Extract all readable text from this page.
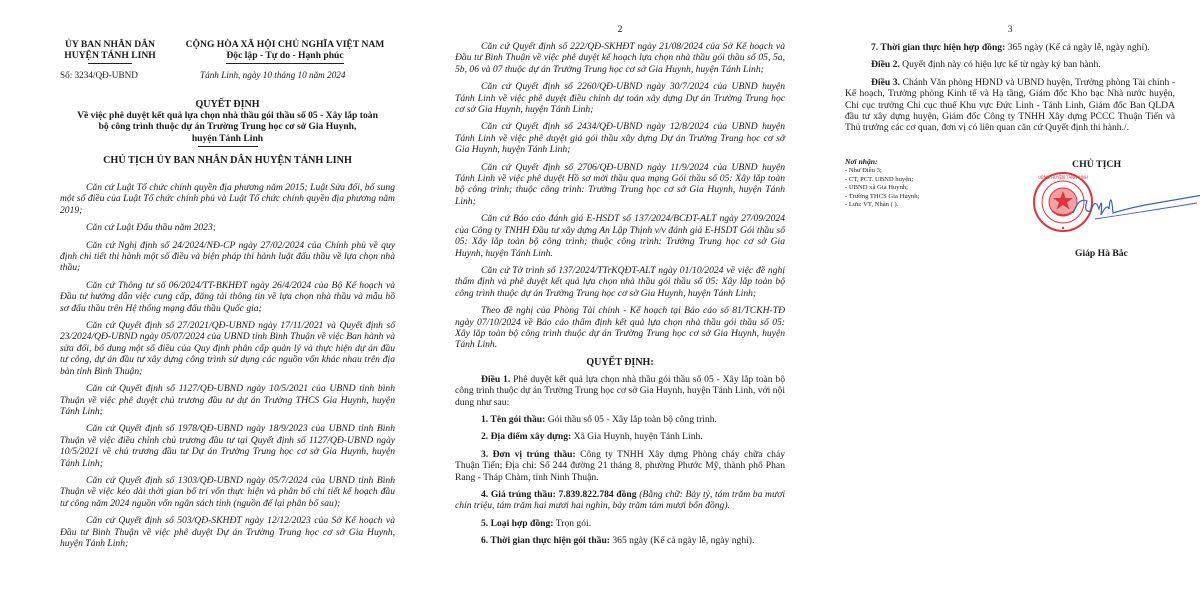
ỦY BAN NHÂN DÂN
HUYỆN TÁNH LINH
CỘNG HÒA XÃ HỘI CHỦ NGHĨA VIỆT NAM
Độc lập - Tự do - Hạnh phúc
Số: 3234/QĐ-UBND	Tánh Linh, ngày 10 tháng 10 năm 2024
QUYẾT ĐỊNH
Về việc phê duyệt kết quả lựa chọn nhà thầu gói thầu số 05 - Xây lắp toàn
bộ công trình thuộc dự án Trường Trung học cơ sở Gia Huynh,
huyện Tánh Linh
CHỦ TỊCH ỦY BAN NHÂN DÂN HUYỆN TÁNH LINH

Căn cứ Luật Tổ chức chính quyền địa phương năm 2015; Luật Sửa đổi, bổ sung một số điều của Luật Tổ chức chính phủ và Luật Tổ chức chính quyền địa phương năm 2019;

Căn cứ Luật Đấu thầu năm 2023;

Căn cứ Nghị định số 24/2024/NĐ-CP ngày 27/02/2024 của Chính phủ về quy định chi tiết thi hành một số điều và biện pháp thi hành luật đấu thầu về lựa chọn nhà thầu;

Căn cứ Thông tư số 06/2024/TT-BKHĐT ngày 26/4/2024 của Bộ Kế hoạch và Đầu tư hướng dẫn việc cung cấp, đăng tải thông tin về lựa chọn nhà thầu và mẫu hồ sơ đấu thầu trên Hệ thống mạng đấu thầu Quốc gia;

Căn cứ Quyết định số 27/2021/QĐ-UBND ngày 17/11/2021 và Quyết định số 23/2024/QĐ-UBND ngày 05/07/2024 của UBND tỉnh Bình Thuận về việc Ban hành và sửa đổi, bổ dung một số điều của Quy định phân cấp quản lý và thực hiện dự án đầu tư công, dự án đầu tư xây dựng công trình sử dụng các nguồn vốn khác nhau trên địa bàn tỉnh Bình Thuận;

Căn cứ Quyết định số 1127/QĐ-UBND ngày 10/5/2021 của UBND tỉnh bình Thuận về việc phê duyệt chủ trương đầu tư dự án Trường THCS Gia Huynh, huyện Tánh Linh;

Căn cứ Quyết định số 1978/QĐ-UBND ngày 18/9/2023 của UBND tỉnh Bình Thuận về việc điều chỉnh chủ trương đầu tư tại Quyết định số 1127/QĐ-UBND ngày 10/5/2021 về chủ trương đầu tư Dự án Trường Trung học cơ sở Gia Huynh, huyện Tánh Linh;

Căn cứ Quyết định số 1303/QĐ-UBND ngày 05/7/2024 của UBND tỉnh Bình Thuận về việc kéo dài thời gian bố trí vốn thực hiện và phân bổ chi tiết kế hoạch đầu tư công năm 2024 nguồn vốn ngân sách tỉnh (nguồn để lại phân bổ sau);

Căn cứ Quyết định số 503/QĐ-SKHĐT ngày 12/12/2023 của Sở Kế hoạch và Đầu tư Bình Thuận về việc phê duyệt Dự án Trường Trung học cơ sở Gia Huynh, huyện Tánh Linh;

2

Căn cứ Quyết định số 222/QĐ-SKHĐT ngày 21/08/2024 của Sở Kế hoạch và Đầu tư Bình Thuận về việc phê duyệt kế hoạch lựa chọn nhà thầu gói thầu số 05, 5a, 5b, 06 và 07 thuộc dự án Trường Trung học cơ sở Gia Huynh, huyện Tánh Linh;

Căn cứ Quyết định số 2260/QĐ-UBND ngày 30/7/2024 của UBND huyện Tánh Linh về việc phê duyệt điều chỉnh dự toán xây dựng Dự án Trường Trung học cơ sở Gia Huynh, huyện Tánh Linh;

Căn cứ Quyết định số 2434/QĐ-UBND ngày 12/8/2024 của UBND huyện Tánh Linh về việc phê duyệt giá gói thầu xây dựng Dự án Trường Trung học cơ sở Gia Huynh, huyện Tánh Linh;

Căn cứ Quyết định số 2706/QĐ-UBND ngày 11/9/2024 của UBND huyện Tánh Linh về việc phê duyệt Hồ sơ mời thầu qua mạng Gói thầu số 05: Xây lắp toàn bộ công trình; thuộc công trình: Trường Trung học cơ sở Gia Huynh, huyện Tánh Linh;

Căn cứ Báo cáo đánh giá E-HSDT số 137/2024/BCĐT-ALT ngày 27/09/2024 của Công ty TNHH Đầu tư xây dựng An Lập Thịnh v/v đánh giá E-HSDT Gói thầu số 05: Xây lắp toàn bộ công trình; thuộc công trình: Trường Trung học cơ sở Gia Huynh, huyện Tánh Linh.

Căn cứ Tờ trình số 137/2024/TTrKQĐT-ALT ngày 01/10/2024 về việc đề nghị thẩm định và phê duyệt kết quả lựa chọn nhà thầu gói thầu số 05: Xây lắp toàn bộ công trình thuộc dự án Trường Trung học cơ sở Gia Huynh, huyện Tánh Linh;

Theo đề nghị của Phòng Tài chính - Kế hoạch tại Báo cáo số 81/TCKH-TĐ ngày 07/10/2024 về Báo cáo thẩm định kết quả lựa chọn nhà thầu gói thầu số 05: Xây lắp toàn bộ công trình thuộc dự án Trường Trung học cơ sở Gia Huynh, huyện Tánh Linh.

QUYẾT ĐỊNH:

Điều 1. Phê duyệt kết quả lựa chọn nhà thầu gói thầu số 05 - Xây lắp toàn bộ công trình thuộc dự án Trường Trung học cơ sở Gia Huynh, huyện Tánh Linh, với nội dung như sau:

1. Tên gói thầu: Gói thầu số 05 - Xây lắp toàn bộ công trình.

2. Địa điểm xây dựng: Xã Gia Huynh, huyện Tánh Linh.

3. Đơn vị trúng thầu: Công ty TNHH Xây dựng Phòng cháy chữa cháy Thuận Tiến; Địa chỉ: Số 244 đường 21 tháng 8, phường Phước Mỹ, thành phố Phan Rang - Tháp Chàm, tỉnh Ninh Thuận.

4. Giá trúng thầu: 7.839.822.784 đồng (Bằng chữ: Bảy tỷ, tám trăm ba mươi chín triệu, tám trăm hai mươi hai nghìn, bảy trăm tám mươi bốn đồng).

5. Loại hợp đồng: Trọn gói.

6. Thời gian thực hiện gói thầu: 365 ngày (Kể cả ngày lễ, ngày nghỉ).

3

7. Thời gian thực hiện hợp đồng: 365 ngày (Kể cả ngày lễ, ngày nghỉ).

Điều 2. Quyết định này có hiệu lực kể từ ngày ký ban hành.

Điều 3. Chánh Văn phòng HĐND và UBND huyện, Trưởng phòng Tài chính - Kế hoạch, Trưởng phòng Kinh tế và Hạ tầng, Giám đốc Kho bạc Nhà nước huyện, Chi cục trưởng Chi cục thuế Khu vực Đức Linh - Tánh Linh, Giám đốc Ban QLDA đầu tư xây dựng huyện, Giám đốc Công ty TNHH Xây dựng PCCC Thuận Tiến và Thủ trưởng các cơ quan, đơn vị có liên quan căn cứ Quyết định thi hành./.

Nơi nhận:
- Như Điều 3;
- CT, PCT. UBND huyện;
- UBND xã Gia Huynh;
- Trường THCS Gia Huynh;
- Lưu: VT, Nhàn ( ).
CHỦ TỊCH
UBND HUYỆN TÁNH LINH
Giáp Hà Bắc
